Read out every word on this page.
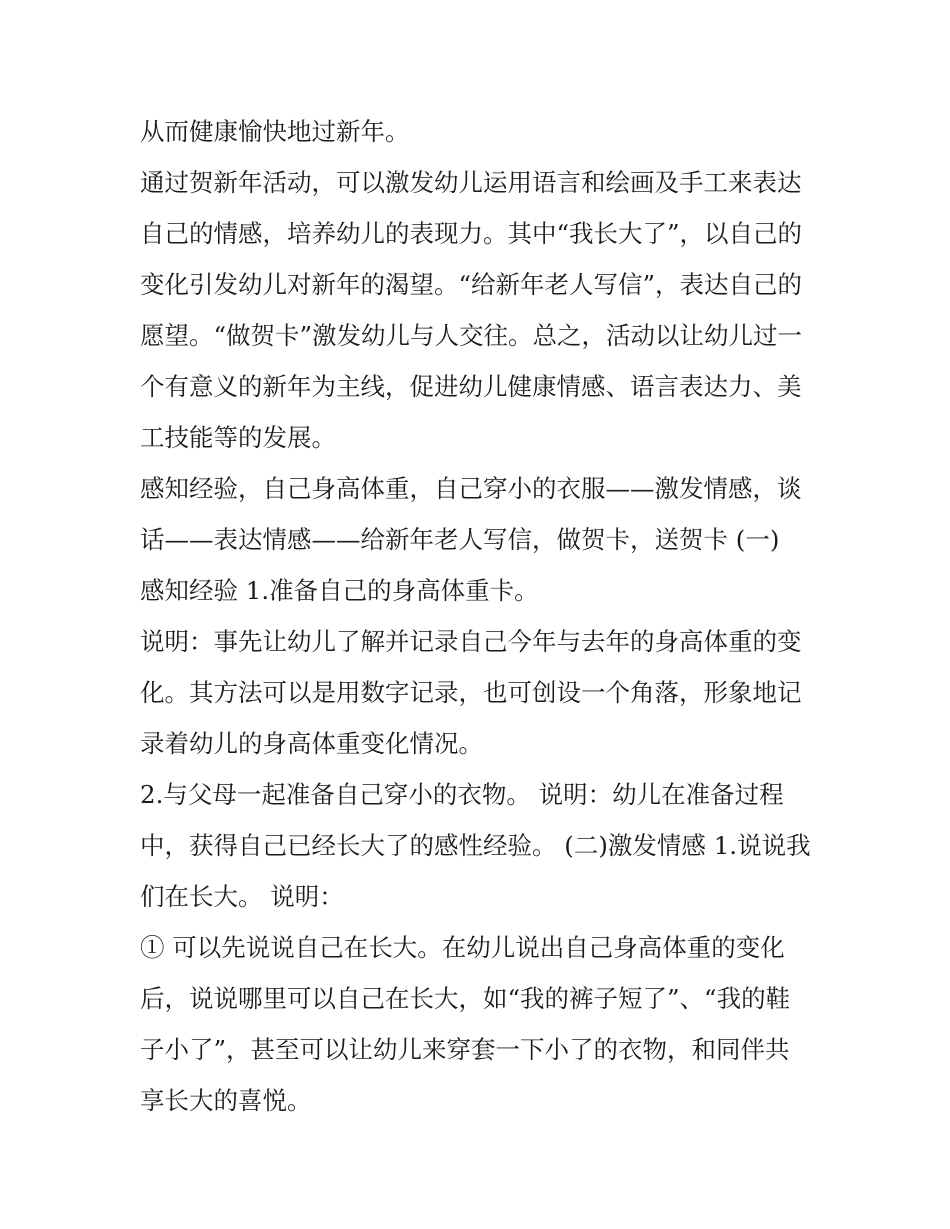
从而健康愉快地过新年。
通过贺新年活动，可以激发幼儿运用语言和绘画及手工来表达
自己的情感，培养幼儿的表现力。其中“我长大了”，以自己的
变化引发幼儿对新年的渴望。“给新年老人写信”，表达自己的
愿望。“做贺卡”激发幼儿与人交往。总之，活动以让幼儿过一
个有意义的新年为主线，促进幼儿健康情感、语言表达力、美
工技能等的发展。
感知经验，自己身高体重，自己穿小的衣服——激发情感，谈
话——表达情感——给新年老人写信，做贺卡，送贺卡 (一)
感知经验 1.准备自己的身高体重卡。
说明：事先让幼儿了解并记录自己今年与去年的身高体重的变
化。其方法可以是用数字记录，也可创设一个角落，形象地记
录着幼儿的身高体重变化情况。
2.与父母一起准备自己穿小的衣物。 说明：幼儿在准备过程
中，获得自己已经长大了的感性经验。 (二)激发情感 1.说说我
们在长大。 说明：
① 可以先说说自己在长大。在幼儿说出自己身高体重的变化
后，说说哪里可以自己在长大，如“我的裤子短了”、“我的鞋
子小了”，甚至可以让幼儿来穿套一下小了的衣物，和同伴共
享长大的喜悦。
